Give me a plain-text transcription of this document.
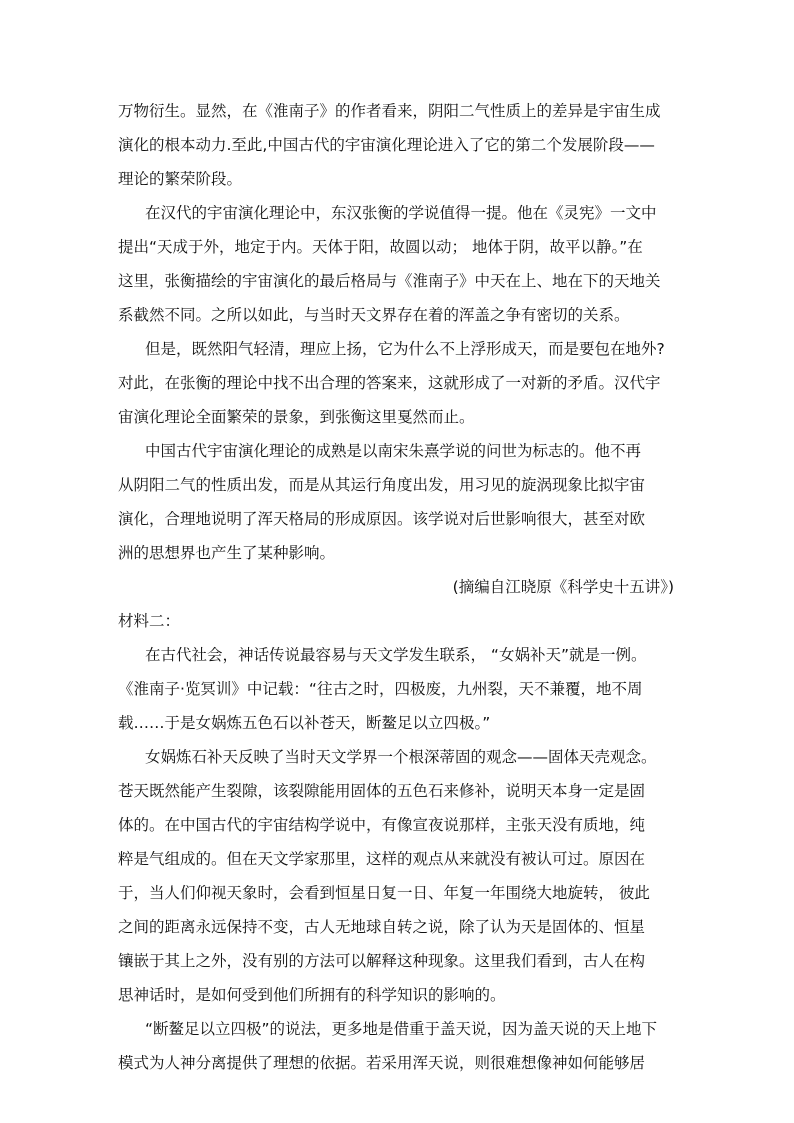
万物衍生。显然，在《淮南子》的作者看来，阴阳二气性质上的差异是宇宙生成
演化的根本动力.至此,中国古代的宇宙演化理论进入了它的第二个发展阶段——
理论的繁荣阶段。
在汉代的宇宙演化理论中，东汉张衡的学说值得一提。他在《灵宪》一文中
提出“天成于外，地定于内。天体于阳，故圆以动； 地体于阴，故平以静。”在
这里，张衡描绘的宇宙演化的最后格局与《淮南子》中天在上、地在下的天地关
系截然不同。之所以如此，与当时天文界存在着的浑盖之争有密切的关系。
但是，既然阳气轻清，理应上扬，它为什么不上浮形成天，而是要包在地外?
对此，在张衡的理论中找不出合理的答案来，这就形成了一对新的矛盾。汉代宇
宙演化理论全面繁荣的景象，到张衡这里戛然而止。
中国古代宇宙演化理论的成熟是以南宋朱熹学说的问世为标志的。他不再
从阴阳二气的性质出发，而是从其运行角度出发，用习见的旋涡现象比拟宇宙
演化，合理地说明了浑天格局的形成原因。该学说对后世影响很大，甚至对欧
洲的思想界也产生了某种影响。
(摘编自江晓原《科学史十五讲》)
材料二：
在古代社会，神话传说最容易与天文学发生联系， “女娲补天”就是一例。
《淮南子·览冥训》中记载：“往古之时，四极废，九州裂，天不兼覆，地不周
载……于是女娲炼五色石以补苍天，断鳌足以立四极。”
女娲炼石补天反映了当时天文学界一个根深蒂固的观念——固体天壳观念。
苍天既然能产生裂隙，该裂隙能用固体的五色石来修补，说明天本身一定是固
体的。在中国古代的宇宙结构学说中，有像宣夜说那样，主张天没有质地，纯
粹是气组成的。但在天文学家那里，这样的观点从来就没有被认可过。原因在
于，当人们仰视天象时，会看到恒星日复一日、年复一年围绕大地旋转， 彼此
之间的距离永远保持不变，古人无地球自转之说，除了认为天是固体的、恒星
镶嵌于其上之外，没有别的方法可以解释这种现象。这里我们看到，古人在构
思神话时，是如何受到他们所拥有的科学知识的影响的。
“断鳌足以立四极”的说法，更多地是借重于盖天说，因为盖天说的天上地下
模式为人神分离提供了理想的依据。若采用浑天说，则很难想像神如何能够居
